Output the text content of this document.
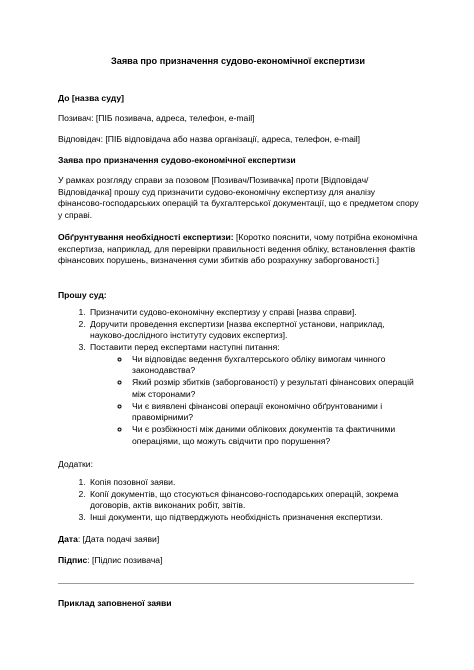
Заява про призначення судово-економічної експертизи
До [назва суду]
Позивач: [ПІБ позивача, адреса, телефон, e-mail]
Відповідач: [ПІБ відповідача або назва організації, адреса, телефон, e-mail]
Заява про призначення судово-економічної експертизи
У рамках розгляду справи за позовом [Позивач/Позивачка] проти [Відповідач/Відповідачка] прошу суд призначити судово-економічну експертизу для аналізу фінансово-господарських операцій та бухгалтерської документації, що є предметом спору у справі.
Обґрунтування необхідності експертизи: [Коротко пояснити, чому потрібна економічна експертиза, наприклад, для перевірки правильності ведення обліку, встановлення фактів фінансових порушень, визначення суми збитків або розрахунку заборгованості.]
Прошу суд:
1. Призначити судово-економічну експертизу у справі [назва справи].
2. Доручити проведення експертизи [назва експертної установи, наприклад, науково-дослідного інституту судових експертиз].
3. Поставити перед експертами наступні питання:
◦ Чи відповідає ведення бухгалтерського обліку вимогам чинного законодавства?
◦ Який розмір збитків (заборгованості) у результаті фінансових операцій між сторонами?
◦ Чи є виявлені фінансові операції економічно обґрунтованими і правомірними?
◦ Чи є розбіжності між даними облікових документів та фактичними операціями, що можуть свідчити про порушення?
Додатки:
1. Копія позовної заяви.
2. Копії документів, що стосуються фінансово-господарських операцій, зокрема договорів, актів виконаних робіт, звітів.
3. Інші документи, що підтверджують необхідність призначення експертизи.
Дата: [Дата подачі заяви]
Підпис: [Підпис позивача]
Приклад заповненої заяви
